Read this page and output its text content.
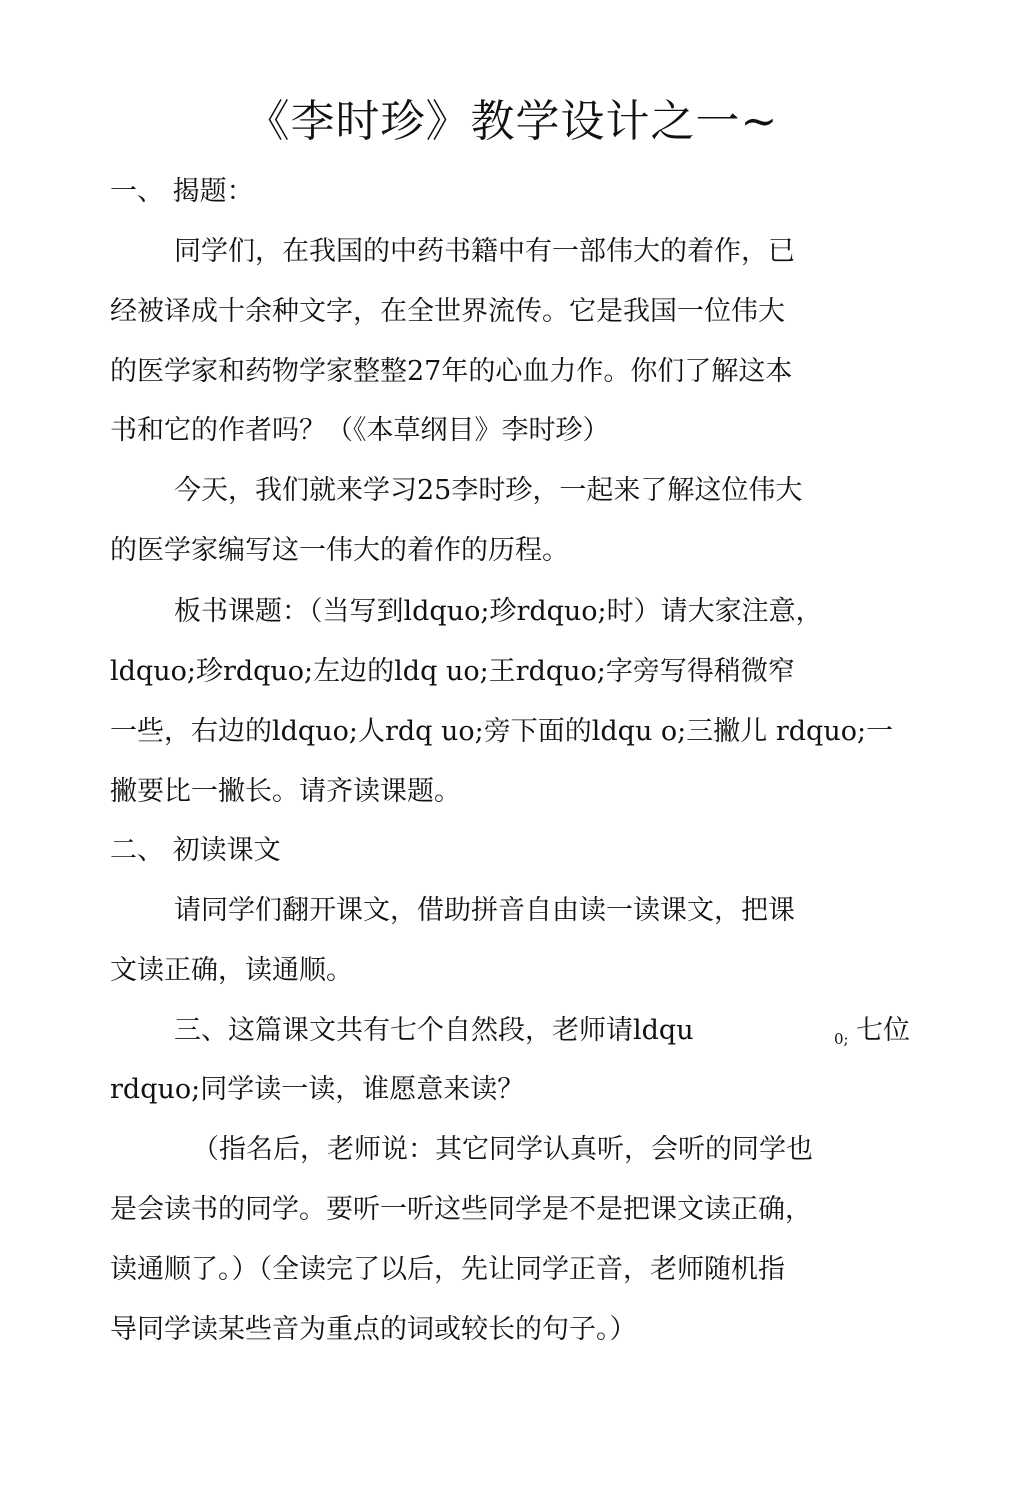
《李时珍》教学设计之一~
一、 揭题：
同学们，在我国的中药书籍中有一部伟大的着作，已
经被译成十余种文字，在全世界流传。它是我国一位伟大
的医学家和药物学家整整27年的心血力作。你们了解这本
书和它的作者吗？（《本草纲目》李时珍）
今天，我们就来学习25李时珍，一起来了解这位伟大
的医学家编写这一伟大的着作的历程。
板书课题：（当写到ldquo;珍rdquo;时）请大家注意，
ldquo;珍rdquo;左边的ldq uo;王rdquo;字旁写得稍微窄
一些，右边的ldquo;人rdq uo;旁下面的ldqu o;三撇儿 rdquo;一
撇要比一撇长。请齐读课题。
二、 初读课文
请同学们翻开课文，借助拼音自由读一读课文，把课
文读正确，读通顺。
三、这篇课文共有七个自然段，老师请ldqu	0; 七位
rdquo;同学读一读，谁愿意来读？
（指名后，老师说：其它同学认真听，会听的同学也
是会读书的同学。要听一听这些同学是不是把课文读正确，
读通顺了。）（全读完了以后，先让同学正音，老师随机指
导同学读某些音为重点的词或较长的句子。）
